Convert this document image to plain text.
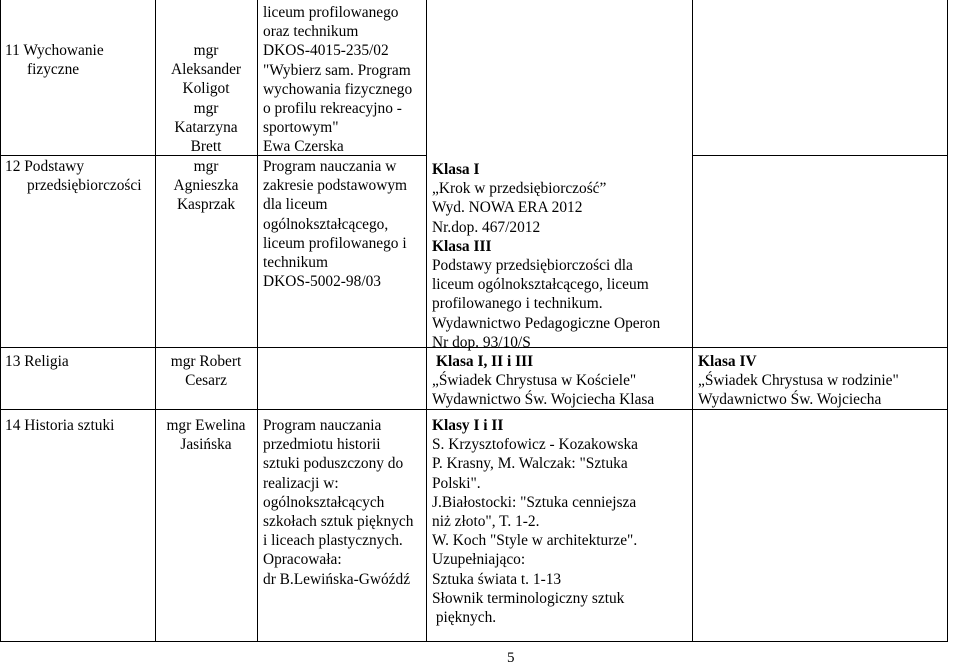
liceum profilowanego
oraz technikum
DKOS-4015-235/02
"Wybierz sam. Program
wychowania fizycznego
o profilu rekreacyjno -
sportowym"
Ewa Czerska
11 Wychowanie
fizyczne
mgr
Aleksander
Koligot
mgr
Katarzyna
Brett
12 Podstawy
przedsiębiorczości
mgr
Agnieszka
Kasprzak
Program nauczania w
zakresie podstawowym
dla liceum
ogólnokształcącego,
liceum profilowanego i
technikum
DKOS-5002-98/03
Klasa I
„Krok w przedsiębiorczość”
Wyd. NOWA ERA 2012
Nr.dop. 467/2012
Klasa III
Podstawy przedsiębiorczości dla
liceum ogólnokształcącego, liceum
profilowanego i technikum.
Wydawnictwo Pedagogiczne Operon
Nr dop. 93/10/S
13 Religia	mgr Robert
Cesarz
Klasa I, II i III
„Świadek Chrystusa w Kościele"
Wydawnictwo Św. Wojciecha Klasa
Klasa IV
„Świadek Chrystusa w rodzinie"
Wydawnictwo Św. Wojciecha
14 Historia sztuki	mgr Ewelina
Jasińska
Program nauczania
przedmiotu historii
sztuki poduszczony do
realizacji w:
ogólnokształcących
szkołach sztuk pięknych
i liceach plastycznych.
Opracowała:
dr B.Lewińska-Gwóźdź
Klasy I i II
S. Krzysztofowicz - Kozakowska
P. Krasny, M. Walczak: "Sztuka
Polski".
J.Białostocki: "Sztuka cenniejsza
niż złoto", T. 1-2.
W. Koch "Style w architekturze".
Uzupełniająco:
Sztuka świata t. 1-13
Słownik terminologiczny sztuk
pięknych.
5
